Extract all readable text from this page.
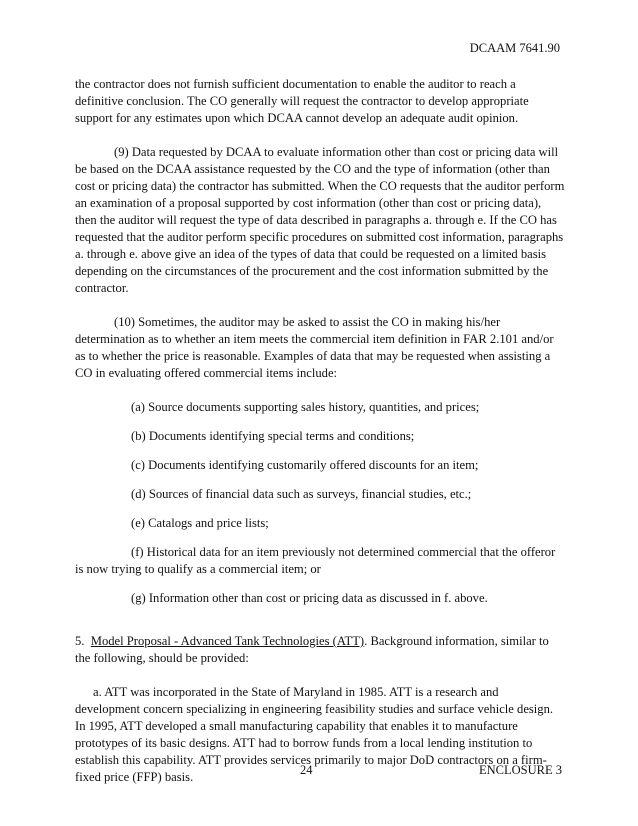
DCAAM 7641.90

the contractor does not furnish sufficient documentation to enable the auditor to reach a definitive conclusion. The CO generally will request the contractor to develop appropriate support for any estimates upon which DCAA cannot develop an adequate audit opinion.

(9) Data requested by DCAA to evaluate information other than cost or pricing data will be based on the DCAA assistance requested by the CO and the type of information (other than cost or pricing data) the contractor has submitted. When the CO requests that the auditor perform an examination of a proposal supported by cost information (other than cost or pricing data), then the auditor will request the type of data described in paragraphs a. through e. If the CO has requested that the auditor perform specific procedures on submitted cost information, paragraphs a. through e. above give an idea of the types of data that could be requested on a limited basis depending on the circumstances of the procurement and the cost information submitted by the contractor.

(10) Sometimes, the auditor may be asked to assist the CO in making his/her determination as to whether an item meets the commercial item definition in FAR 2.101 and/or as to whether the price is reasonable. Examples of data that may be requested when assisting a CO in evaluating offered commercial items include:

(a) Source documents supporting sales history, quantities, and prices;

(b) Documents identifying special terms and conditions;

(c) Documents identifying customarily offered discounts for an item;

(d) Sources of financial data such as surveys, financial studies, etc.;

(e) Catalogs and price lists;

(f) Historical data for an item previously not determined commercial that the offeror is now trying to qualify as a commercial item; or

(g) Information other than cost or pricing data as discussed in f. above.

5. Model Proposal - Advanced Tank Technologies (ATT). Background information, similar to the following, should be provided:

a. ATT was incorporated in the State of Maryland in 1985. ATT is a research and development concern specializing in engineering feasibility studies and surface vehicle design. In 1995, ATT developed a small manufacturing capability that enables it to manufacture prototypes of its basic designs. ATT had to borrow funds from a local lending institution to establish this capability. ATT provides services primarily to major DoD contractors on a firm-fixed price (FFP) basis.	24	ENCLOSURE 3
